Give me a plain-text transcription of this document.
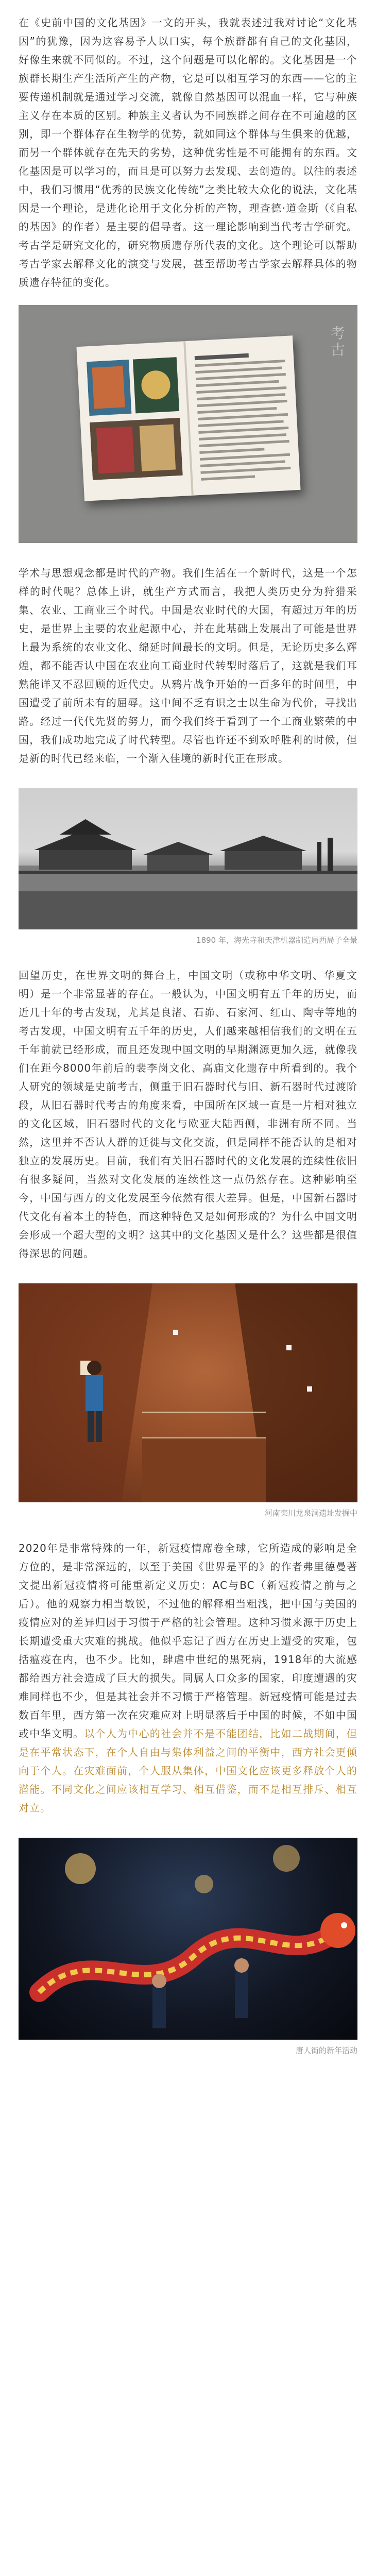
在《史前中国的文化基因》一文的开头，我就表述过我对讨论“文化基因”的犹豫，因为这容易予人以口实，每个族群都有自己的文化基因，好像生来就不同似的。不过，这个问题是可以化解的。文化基因是一个族群长期生产生活所产生的产物，它是可以相互学习的东西——它的主要传递机制就是通过学习交流，就像自然基因可以混血一样，它与种族主义存在本质的区别。种族主义者认为不同族群之间存在不可逾越的区别，即一个群体存在生物学的优势，就如同这个群体与生俱来的优越，而另一个群体就存在先天的劣势，这种优劣性是不可能拥有的东西。文化基因是可以学习的，而且是可以努力去发现、去创造的。以往的表述中，我们习惯用“优秀的民族文化传统”之类比较大众化的说法，文化基因是一个理论，是进化论用于文化分析的产物，理查德·道金斯（《自私的基因》的作者）是主要的倡导者。这一理论影响到当代考古学研究。考古学是研究文化的，研究物质遗存所代表的文化。这个理论可以帮助考古学家去解释文化的演变与发展，甚至帮助考古学家去解释具体的物质遗存特征的变化。

考古

学术与思想观念都是时代的产物。我们生活在一个新时代，这是一个怎样的时代呢？总体上讲，就生产方式而言，我把人类历史分为狩猎采集、农业、工商业三个时代。中国是农业时代的大国，有超过万年的历史，是世界上主要的农业起源中心，并在此基础上发展出了可能是世界上最为系统的农业文化、绵延时间最长的文明。但是，无论历史多么辉煌，都不能否认中国在农业向工商业时代转型时落后了，这就是我们耳熟能详又不忍回顾的近代史。从鸦片战争开始的一百多年的时间里，中国遭受了前所未有的屈辱。这中间不乏有识之士以生命为代价，寻找出路。经过一代代先贤的努力，而今我们终于看到了一个工商业繁荣的中国，我们成功地完成了时代转型。尽管也许还不到欢呼胜利的时候，但是新的时代已经来临，一个渐入佳境的新时代正在形成。

1890 年，海光寺和天津机器制造局西局子全景

回望历史，在世界文明的舞台上，中国文明（或称中华文明、华夏文明）是一个非常显著的存在。一般认为，中国文明有五千年的历史，而近几十年的考古发现，尤其是良渚、石峁、石家河、红山、陶寺等地的考古发现，中国文明有五千年的历史，人们越来越相信我们的文明在五千年前就已经形成，而且还发现中国文明的早期渊源更加久远，就像我们在距今8000年前后的裴李岗文化、高庙文化遗存中所看到的。我个人研究的领域是史前考古，侧重于旧石器时代与旧、新石器时代过渡阶段，从旧石器时代考古的角度来看，中国所在区域一直是一片相对独立的文化区域，旧石器时代的文化与欧亚大陆西侧，非洲有所不同。当然，这里并不否认人群的迁徙与文化交流，但是同样不能否认的是相对独立的发展历史。目前，我们有关旧石器时代的文化发展的连续性依旧有很多疑问，当然对文化发展的连续性这一点仍然存在。这种影响至今，中国与西方的文化发展至今依然有很大差异。但是，中国新石器时代文化有着本土的特色，而这种特色又是如何形成的？为什么中国文明会形成一个超大型的文明？这其中的文化基因又是什么？这些都是很值得深思的问题。

河南栾川龙泉洞遗址发掘中

2020年是非常特殊的一年，新冠疫情席卷全球，它所造成的影响是全方位的，是非常深远的，以至于美国《世界是平的》的作者弗里德曼著文提出新冠疫情将可能重新定义历史：AC与BC（新冠疫情之前与之后）。他的观察力相当敏锐，不过他的解释相当粗浅，把中国与美国的疫情应对的差异归因于习惯于严格的社会管理。这种习惯来源于历史上长期遭受重大灾难的挑战。他似乎忘记了西方在历史上遭受的灾难，包括瘟疫在内，也不少。比如，肆虐中世纪的黑死病，1918年的大流感都给西方社会造成了巨大的损失。同属人口众多的国家，印度遭遇的灾难同样也不少，但是其社会并不习惯于严格管理。新冠疫情可能是过去数百年里，西方第一次在灾难应对上明显落后于中国的时候，不如中国或中华文明。以个人为中心的社会并不是不能团结，比如二战期间，但是在平常状态下，在个人自由与集体利益之间的平衡中，西方社会更倾向于个人。在灾难面前，个人服从集体，中国文化应该更多释放个人的潜能。不同文化之间应该相互学习、相互借鉴，而不是相互排斥、相互对立。

唐人街的新年活动
